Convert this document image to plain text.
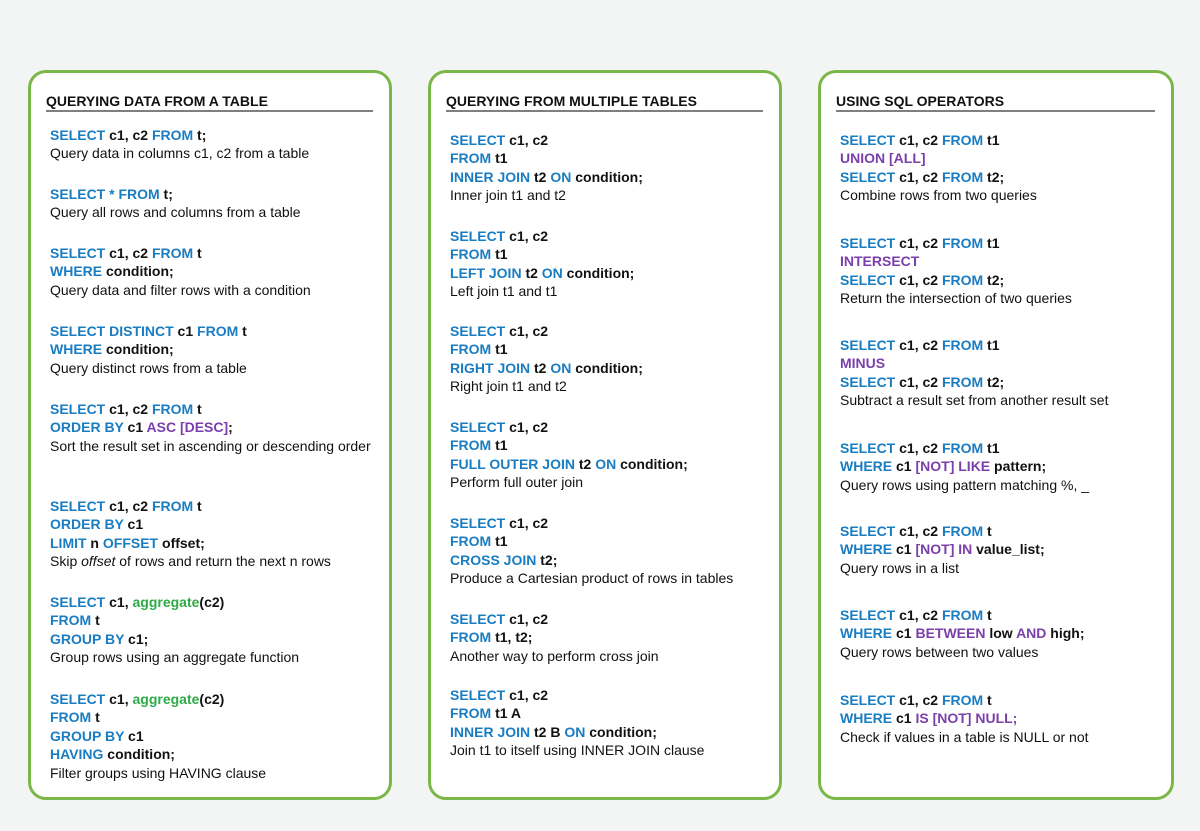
QUERYING DATA FROM A TABLE
SELECT c1, c2 FROM t;
Query data in columns c1, c2 from a table
SELECT * FROM t;
Query all rows and columns from a table
SELECT c1, c2 FROM t
WHERE condition;
Query data and filter rows with a condition
SELECT DISTINCT c1 FROM t
WHERE condition;
Query distinct rows from a table
SELECT c1, c2 FROM t
ORDER BY c1 ASC [DESC];
Sort the result set in ascending or descending order
SELECT c1, c2 FROM t
ORDER BY c1
LIMIT n OFFSET offset;
Skip offset of rows and return the next n rows
SELECT c1, aggregate(c2)
FROM t
GROUP BY c1;
Group rows using an aggregate function
SELECT c1, aggregate(c2)
FROM t
GROUP BY c1
HAVING condition;
Filter groups using HAVING clause
QUERYING FROM MULTIPLE TABLES
SELECT c1, c2
FROM t1
INNER JOIN t2 ON condition;
Inner join t1 and t2
SELECT c1, c2
FROM t1
LEFT JOIN t2 ON condition;
Left join t1 and t1
SELECT c1, c2
FROM t1
RIGHT JOIN t2 ON condition;
Right join t1 and t2
SELECT c1, c2
FROM t1
FULL OUTER JOIN t2 ON condition;
Perform full outer join
SELECT c1, c2
FROM t1
CROSS JOIN t2;
Produce a Cartesian product of rows in tables
SELECT c1, c2
FROM t1, t2;
Another way to perform cross join
SELECT c1, c2
FROM t1 A
INNER JOIN t2 B ON condition;
Join t1 to itself using INNER JOIN clause
USING SQL OPERATORS
SELECT c1, c2 FROM t1
UNION [ALL]
SELECT c1, c2 FROM t2;
Combine rows from two queries
SELECT c1, c2 FROM t1
INTERSECT
SELECT c1, c2 FROM t2;
Return the intersection of two queries
SELECT c1, c2 FROM t1
MINUS
SELECT c1, c2 FROM t2;
Subtract a result set from another result set
SELECT c1, c2 FROM t1
WHERE c1 [NOT] LIKE pattern;
Query rows using pattern matching %, _
SELECT c1, c2 FROM t
WHERE c1 [NOT] IN value_list;
Query rows in a list
SELECT c1, c2 FROM t
WHERE c1 BETWEEN low AND high;
Query rows between two values
SELECT c1, c2 FROM t
WHERE c1 IS [NOT] NULL;
Check if values in a table is NULL or not
